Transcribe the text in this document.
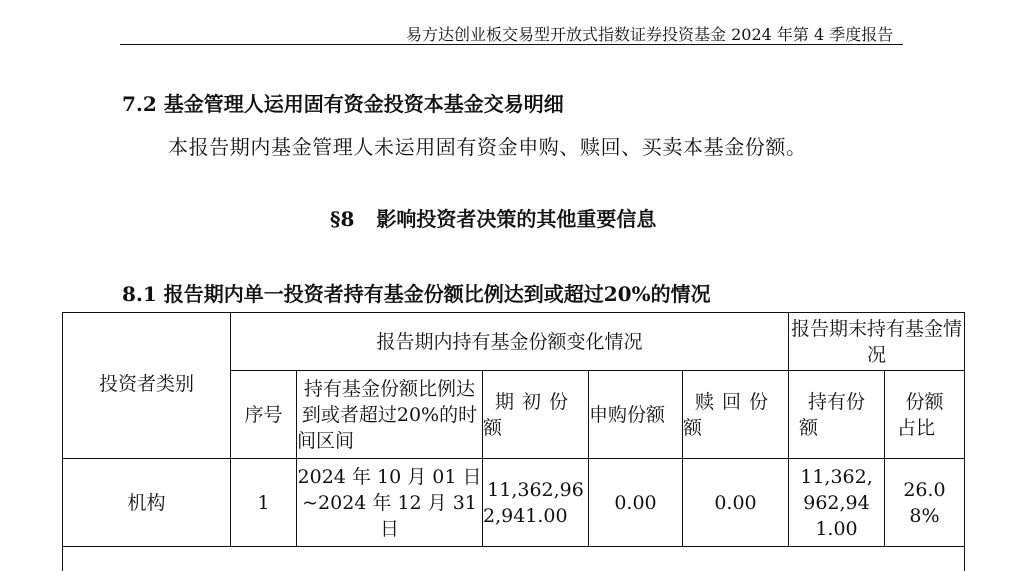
易方达创业板交易型开放式指数证券投资基金 2024 年第 4 季度报告
7.2 基金管理人运用固有资金投资本基金交易明细
本报告期内基金管理人未运用固有资金申购、赎回、买卖本基金份额。
§8 影响投资者决策的其他重要信息
8.1 报告期内单一投资者持有基金份额比例达到或超过20%的情况
投资者类别	报告期内持有基金份额变化情况					报告期末持有基金情况	
	序号	持有基金份额比例达到或者超过20%的时间区间	期初份额	申购份额	赎回份额	持有份额	份额占比
机构	1	2024 年 10 月 01 日~2024 年 12 月 31 日	11,362,962,941.00	0.00	0.00	11,362,962,941.00	26.08%
